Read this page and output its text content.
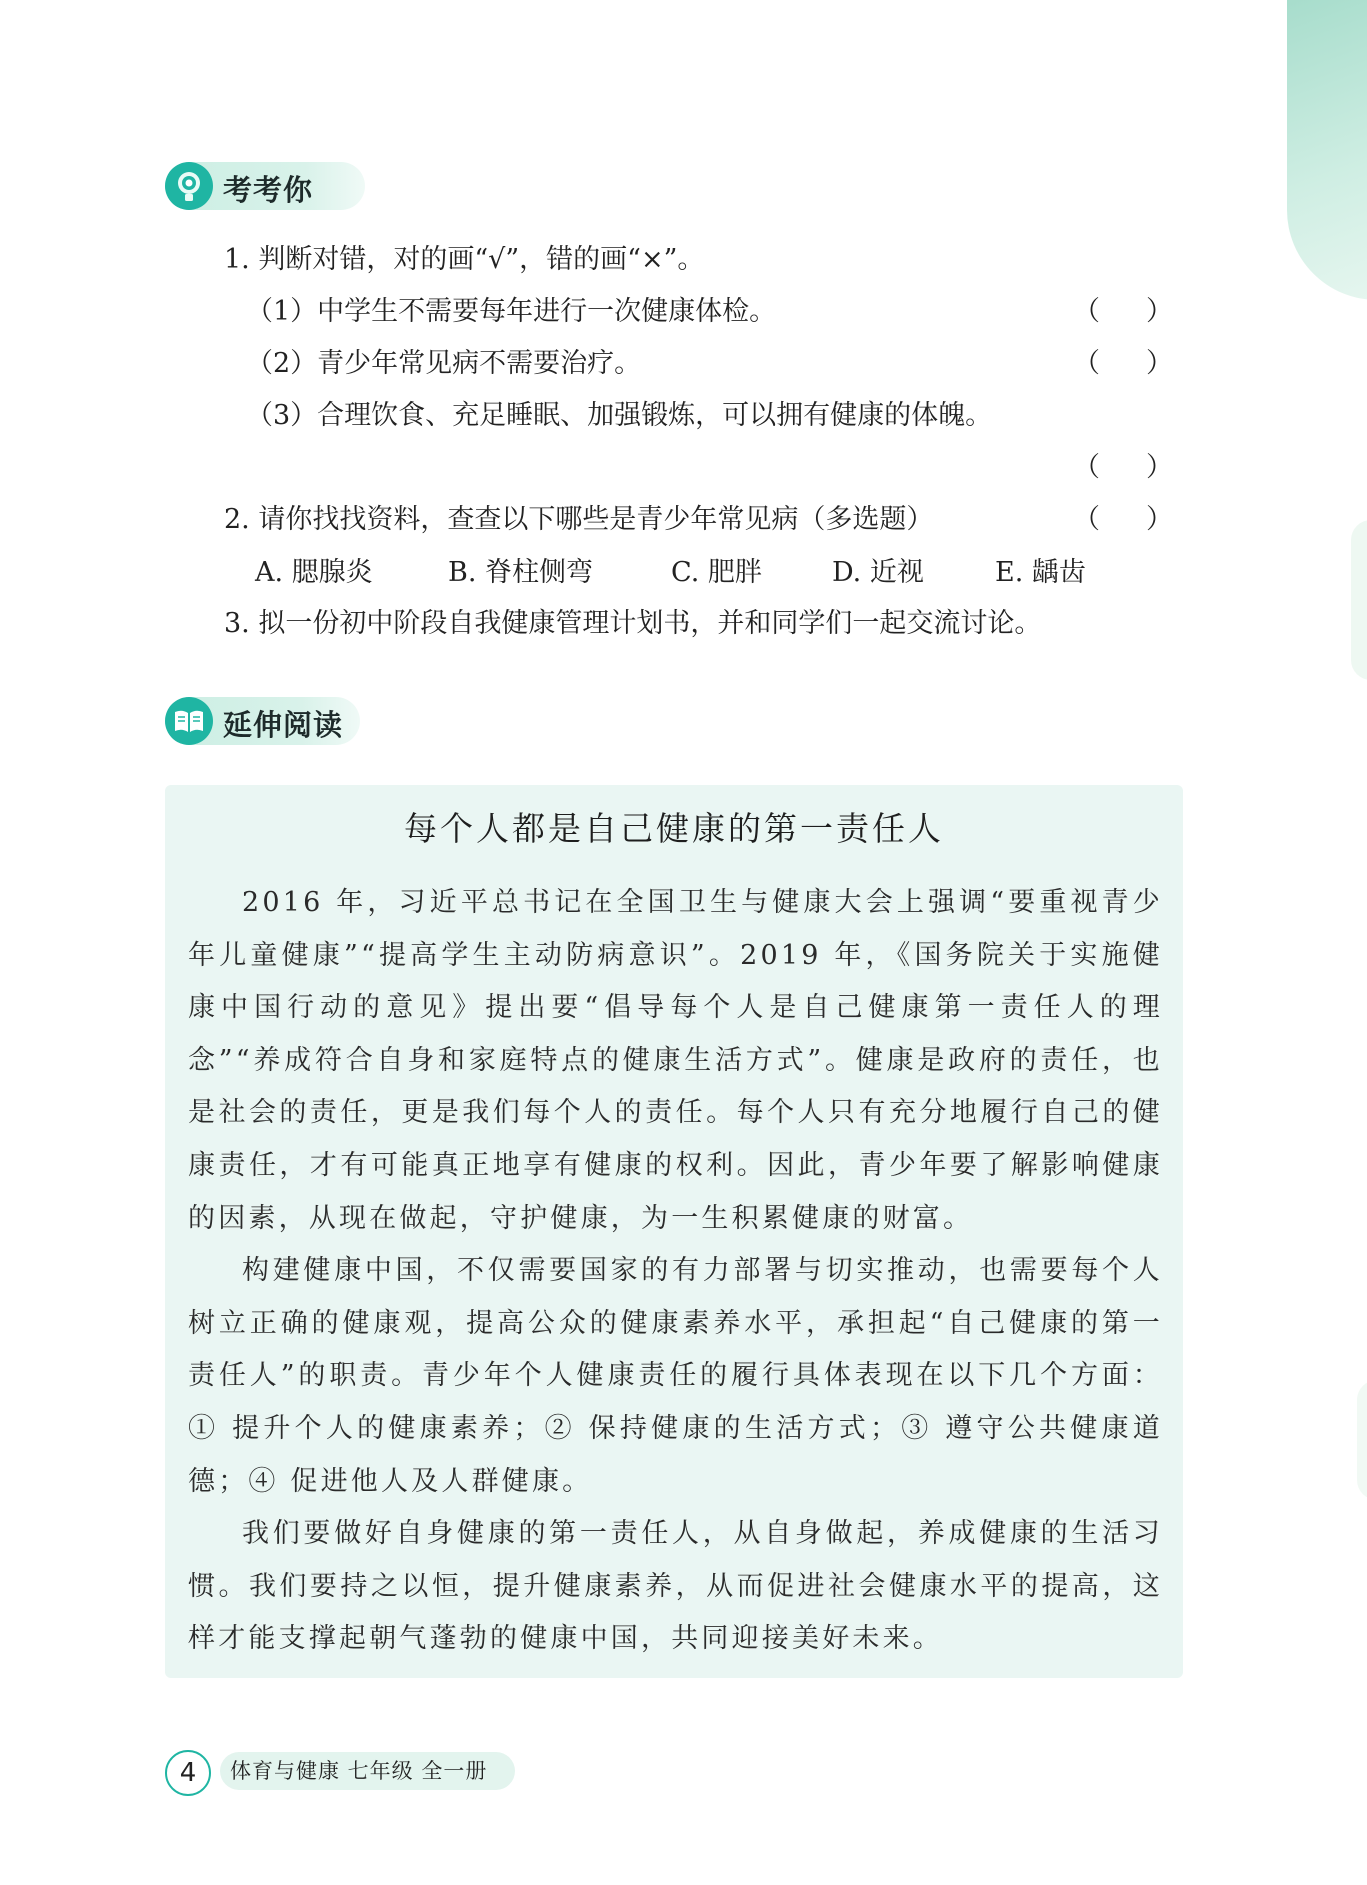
考考你
1. 判断对错，对的画“√”，错的画“×”。
（1）中学生不需要每年进行一次健康体检。	（ ）
（2）青少年常见病不需要治疗。	（ ）
（3）合理饮食、充足睡眠、加强锻炼，可以拥有健康的体魄。
（ ）
2. 请你找找资料，查查以下哪些是青少年常见病（多选题）	（ ）
A. 腮腺炎	B. 脊柱侧弯	C. 肥胖	D. 近视	E. 龋齿
3. 拟一份初中阶段自我健康管理计划书，并和同学们一起交流讨论。
延伸阅读
每个人都是自己健康的第一责任人

2016 年，习近平总书记在全国卫生与健康大会上强调“要重视青少年儿童健康”“提高学生主动防病意识”。2019 年，《国务院关于实施健康中国行动的意见》提出要“倡导每个人是自己健康第一责任人的理念”“养成符合自身和家庭特点的健康生活方式”。健康是政府的责任，也是社会的责任，更是我们每个人的责任。每个人只有充分地履行自己的健康责任，才有可能真正地享有健康的权利。因此，青少年要了解影响健康的因素，从现在做起，守护健康，为一生积累健康的财富。

构建健康中国，不仅需要国家的有力部署与切实推动，也需要每个人树立正确的健康观，提高公众的健康素养水平，承担起“自己健康的第一责任人”的职责。青少年个人健康责任的履行具体表现在以下几个方面：① 提升个人的健康素养；② 保持健康的生活方式；③ 遵守公共健康道德；④ 促进他人及人群健康。

我们要做好自身健康的第一责任人，从自身做起，养成健康的生活习惯。我们要持之以恒，提升健康素养，从而促进社会健康水平的提高，这样才能支撑起朝气蓬勃的健康中国，共同迎接美好未来。

4	体育与健康 七年级 全一册
